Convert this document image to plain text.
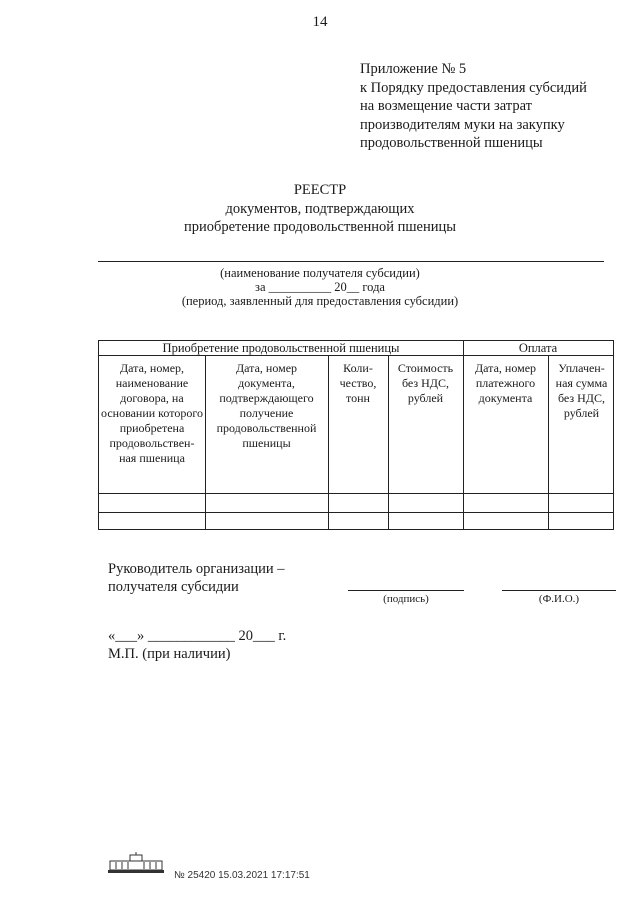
14
Приложение № 5
к Порядку предоставления субсидий
на возмещение части затрат
производителям муки на закупку
продовольственной пшеницы
РЕЕСТР
документов, подтверждающих
приобретение продовольственной пшеницы
(наименование получателя субсидии)
за __________ 20__ года
(период, заявленный для предоставления субсидии)
Приобретение продовольственной пшеницы	Оплата
Дата, номер, наименование договора, на основании которого приобретена продовольствен-ная пшеница
Дата, номер документа, подтверждающего получение продовольственной пшеницы
Коли-чество, тонн
Стоимость без НДС, рублей
Дата, номер платежного документа
Уплачен-ная сумма без НДС, рублей
Руководитель организации –
получателя субсидии
(подпись)	(Ф.И.О.)
«___» ____________ 20___ г.
М.П. (при наличии)
№ 25420 15.03.2021 17:17:51
